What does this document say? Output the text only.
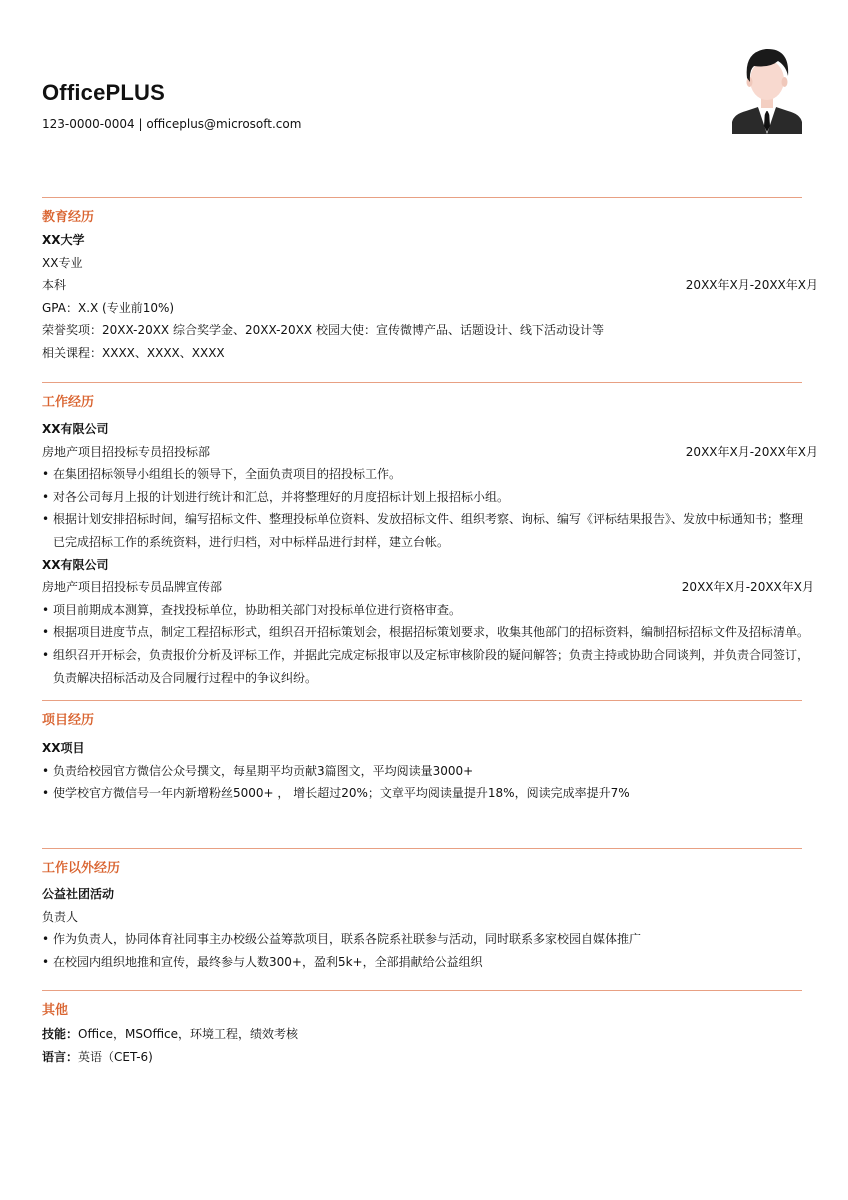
OfficePLUS
123-0000-0004 | officeplus@microsoft.com
教育经历
XX大学
XX专业
本科	20XX年X月-20XX年X月
GPA：X.X (专业前10%)
荣誉奖项：20XX-20XX 综合奖学金、20XX-20XX 校园大使：宣传微博产品、话题设计、线下活动设计等
相关课程：XXXX、XXXX、XXXX
工作经历
XX有限公司
房地产项目招投标专员招投标部	20XX年X月-20XX年X月
• 在集团招标领导小组组长的领导下，全面负责项目的招投标工作。
• 对各公司每月上报的计划进行统计和汇总，并将整理好的月度招标计划上报招标小组。
• 根据计划安排招标时间，编写招标文件、整理投标单位资料、发放招标文件、组织考察、询标、编写《评标结果报告》、发放中标通知书；整理已完成招标工作的系统资料，进行归档，对中标样品进行封样，建立台帐。
XX有限公司
房地产项目招投标专员品牌宣传部	20XX年X月-20XX年X月
• 项目前期成本测算，查找投标单位，协助相关部门对投标单位进行资格审查。
• 根据项目进度节点，制定工程招标形式，组织召开招标策划会，根据招标策划要求，收集其他部门的招标资料，编制招标招标文件及招标清单。
• 组织召开开标会，负责报价分析及评标工作，并据此完成定标报审以及定标审核阶段的疑问解答；负责主持或协助合同谈判，并负责合同签订，负责解决招标活动及合同履行过程中的争议纠纷。
项目经历
XX项目
• 负责给校园官方微信公众号撰文，每星期平均贡献3篇图文，平均阅读量3000+
• 使学校官方微信号一年内新增粉丝5000+ ， 增长超过20%；文章平均阅读量提升18%，阅读完成率提升7%
工作以外经历
公益社团活动
负责人
• 作为负责人，协同体育社同事主办校级公益筹款项目，联系各院系社联参与活动，同时联系多家校园自媒体推广
• 在校园内组织地推和宣传，最终参与人数300+，盈利5k+，全部捐献给公益组织
其他
技能：Office，MSOffice，环境工程，绩效考核
语言：英语（CET-6)
